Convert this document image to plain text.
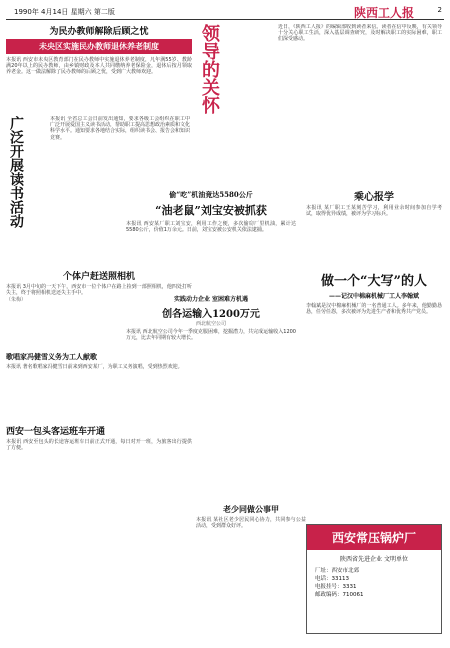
1990年 4月14日 星期六 第二版	陕西工人报	2
为民办教师解除后顾之忧
未央区实施民办教师退休养老制度
本报讯 西安市未央区教育部门在民办教师中实施退休养老制度，凡年满55岁、教龄满20年以上的民办教师，由乡镇财政及本人共同缴纳养老保险金，退休后按月领取养老金。这一做法解除了民办教师的后顾之忧，受到广大教师欢迎。
广泛开展读书活动	本报讯 全省总工会日前发出通知，要求各级工会组织在职工中广泛开展爱国主义读书活动，帮助职工提高思想政治素质和文化科学水平。通知要求各地结合实际，组织读书会、报告会和知识竞赛。
个体户赶送照相机
本报讯 3月中旬的一天下午，西安市一位个体户在路上捡到一部照相机，他四处打听失主，终于将照相机送还失主手中。
（朱梅）
歌唱家冯健雪义务为工人献歌
本报讯 著名歌唱家冯健雪日前来到西安某厂，为职工义务演唱，受到热烈欢迎。
西安一包头客运班车开通
本报讯 西安至包头的长途客运班车日前正式开通，每日对开一班，为旅客出行提供了方便。
领导的关怀
偷“吃”机油竟达5580公斤
“油老鼠”刘宝安被抓获
本报讯 西安某厂职工刘宝安，利用工作之便，多次偷窃厂里机油，累计达5580公斤，价值1万余元。日前，刘宝安被公安机关依法逮捕。
实践动力企业 室困难方机遇
创各运输入1200万元
西北航空公司
本报讯 西北航空公司今年一季度克服困难，挖掘潜力，共完成运输收入1200万元，比去年同期有较大增长。
老少同做公事甲
本报讯 某社区老少居民同心协力，共同参与公益活动，受到群众好评。
近日，《陕西工人报》的编辑部收到读者来信。读者在信中反映，有关领导十分关心职工生活，深入基层调查研究，及时解决职工的实际困难，职工们深受感动。
乘心报学
本报讯 某厂职工王某刻苦学习，利用业余时间参加自学考试，取得优异成绩，被评为学习标兵。
做一个“大写”的人
——记汉中棉麻机械厂工人李翰斌
李翰斌是汉中棉麻机械厂的一名普通工人。多年来，他勤勤恳恳，任劳任怨，多次被评为先进生产者和优秀共产党员。
西安常压锅炉厂
陕西省先进企业 文明单位
厂址：西安市北郊
电话：33113
电报挂号：3331
邮政编码：710061
